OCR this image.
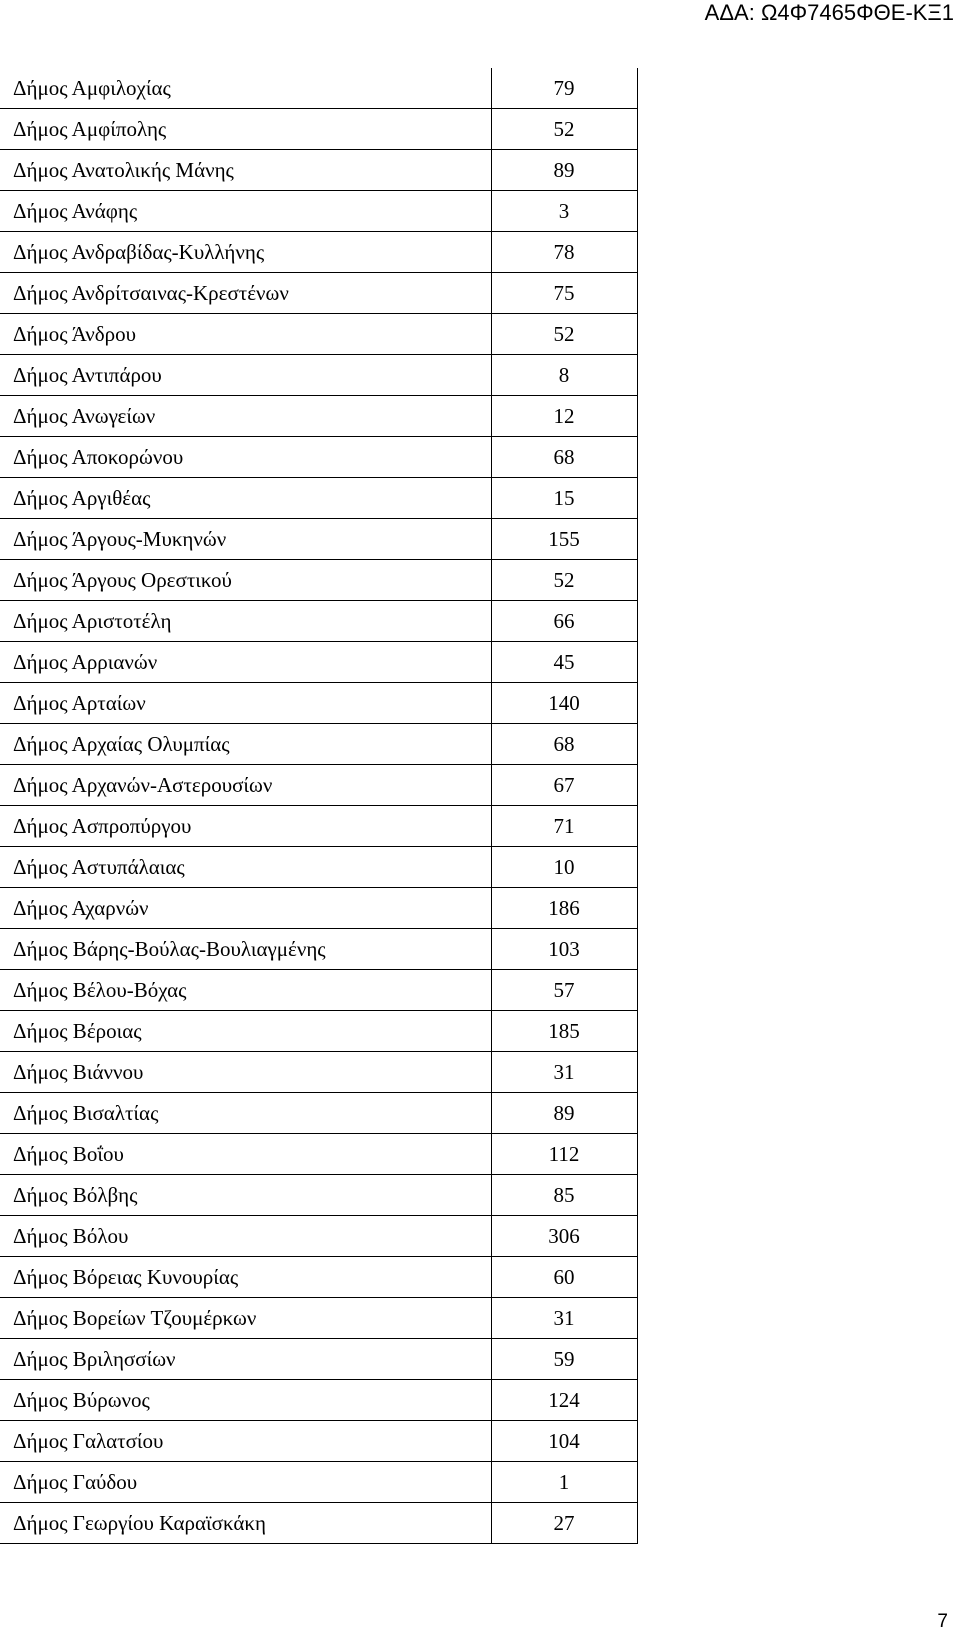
ΑΔΑ: Ω4Φ7465ΦΘΕ-ΚΞ1
Δήμος Αμφιλοχίας	79
Δήμος Αμφίπολης	52
Δήμος Ανατολικής Μάνης	89
Δήμος Ανάφης	3
Δήμος Ανδραβίδας-Κυλλήνης	78
Δήμος Ανδρίτσαινας-Κρεστένων	75
Δήμος Άνδρου	52
Δήμος Αντιπάρου	8
Δήμος Ανωγείων	12
Δήμος Αποκορώνου	68
Δήμος Αργιθέας	15
Δήμος Άργους-Μυκηνών	155
Δήμος Άργους Ορεστικού	52
Δήμος Αριστοτέλη	66
Δήμος Αρριανών	45
Δήμος Αρταίων	140
Δήμος Αρχαίας Ολυμπίας	68
Δήμος Αρχανών-Αστερουσίων	67
Δήμος Ασπροπύργου	71
Δήμος Αστυπάλαιας	10
Δήμος Αχαρνών	186
Δήμος Βάρης-Βούλας-Βουλιαγμένης	103
Δήμος Βέλου-Βόχας	57
Δήμος Βέροιας	185
Δήμος Βιάννου	31
Δήμος Βισαλτίας	89
Δήμος Βοΐου	112
Δήμος Βόλβης	85
Δήμος Βόλου	306
Δήμος Βόρειας Κυνουρίας	60
Δήμος Βορείων Τζουμέρκων	31
Δήμος Βριλησσίων	59
Δήμος Βύρωνος	124
Δήμος Γαλατσίου	104
Δήμος Γαύδου	1
Δήμος Γεωργίου Καραϊσκάκη	27
7
